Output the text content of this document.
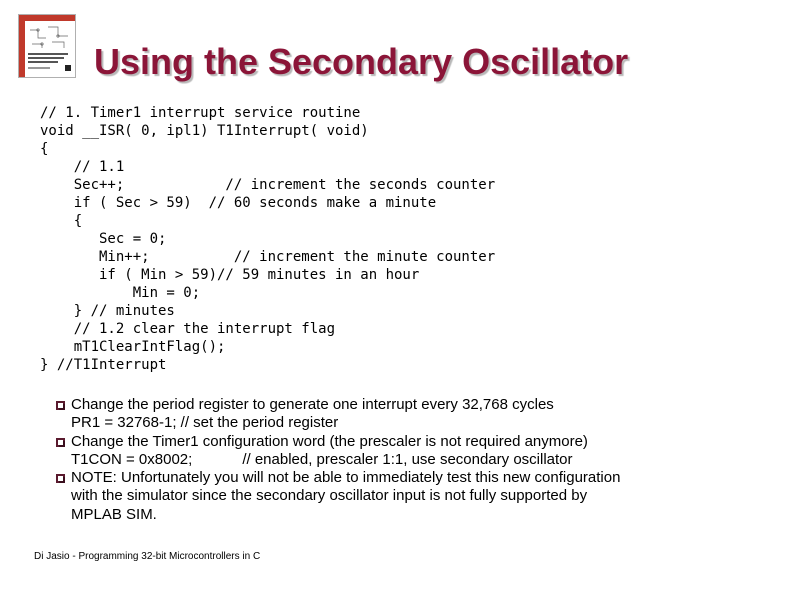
Using the Secondary Oscillator
// 1. Timer1 interrupt service routine
void __ISR( 0, ipl1) T1Interrupt( void)
{
// 1.1
Sec++;            // increment the seconds counter
if ( Sec > 59)  // 60 seconds make a minute
{
Sec = 0;
Min++;          // increment the minute counter
if ( Min > 59)// 59 minutes in an hour
Min = 0;
} // minutes
// 1.2 clear the interrupt flag
mT1ClearIntFlag();
} //T1Interrupt
Change the period register to generate one interrupt every 32,768 cycles
PR1 = 32768-1; // set the period register
Change the Timer1 configuration word (the prescaler is not required anymore)
T1CON = 0x8002;            // enabled, prescaler 1:1, use secondary oscillator
NOTE: Unfortunately you will not be able to immediately test this new configuration
with the simulator since the secondary oscillator input is not fully supported by
MPLAB SIM.
Di Jasio - Programming 32-bit Microcontrollers in C
